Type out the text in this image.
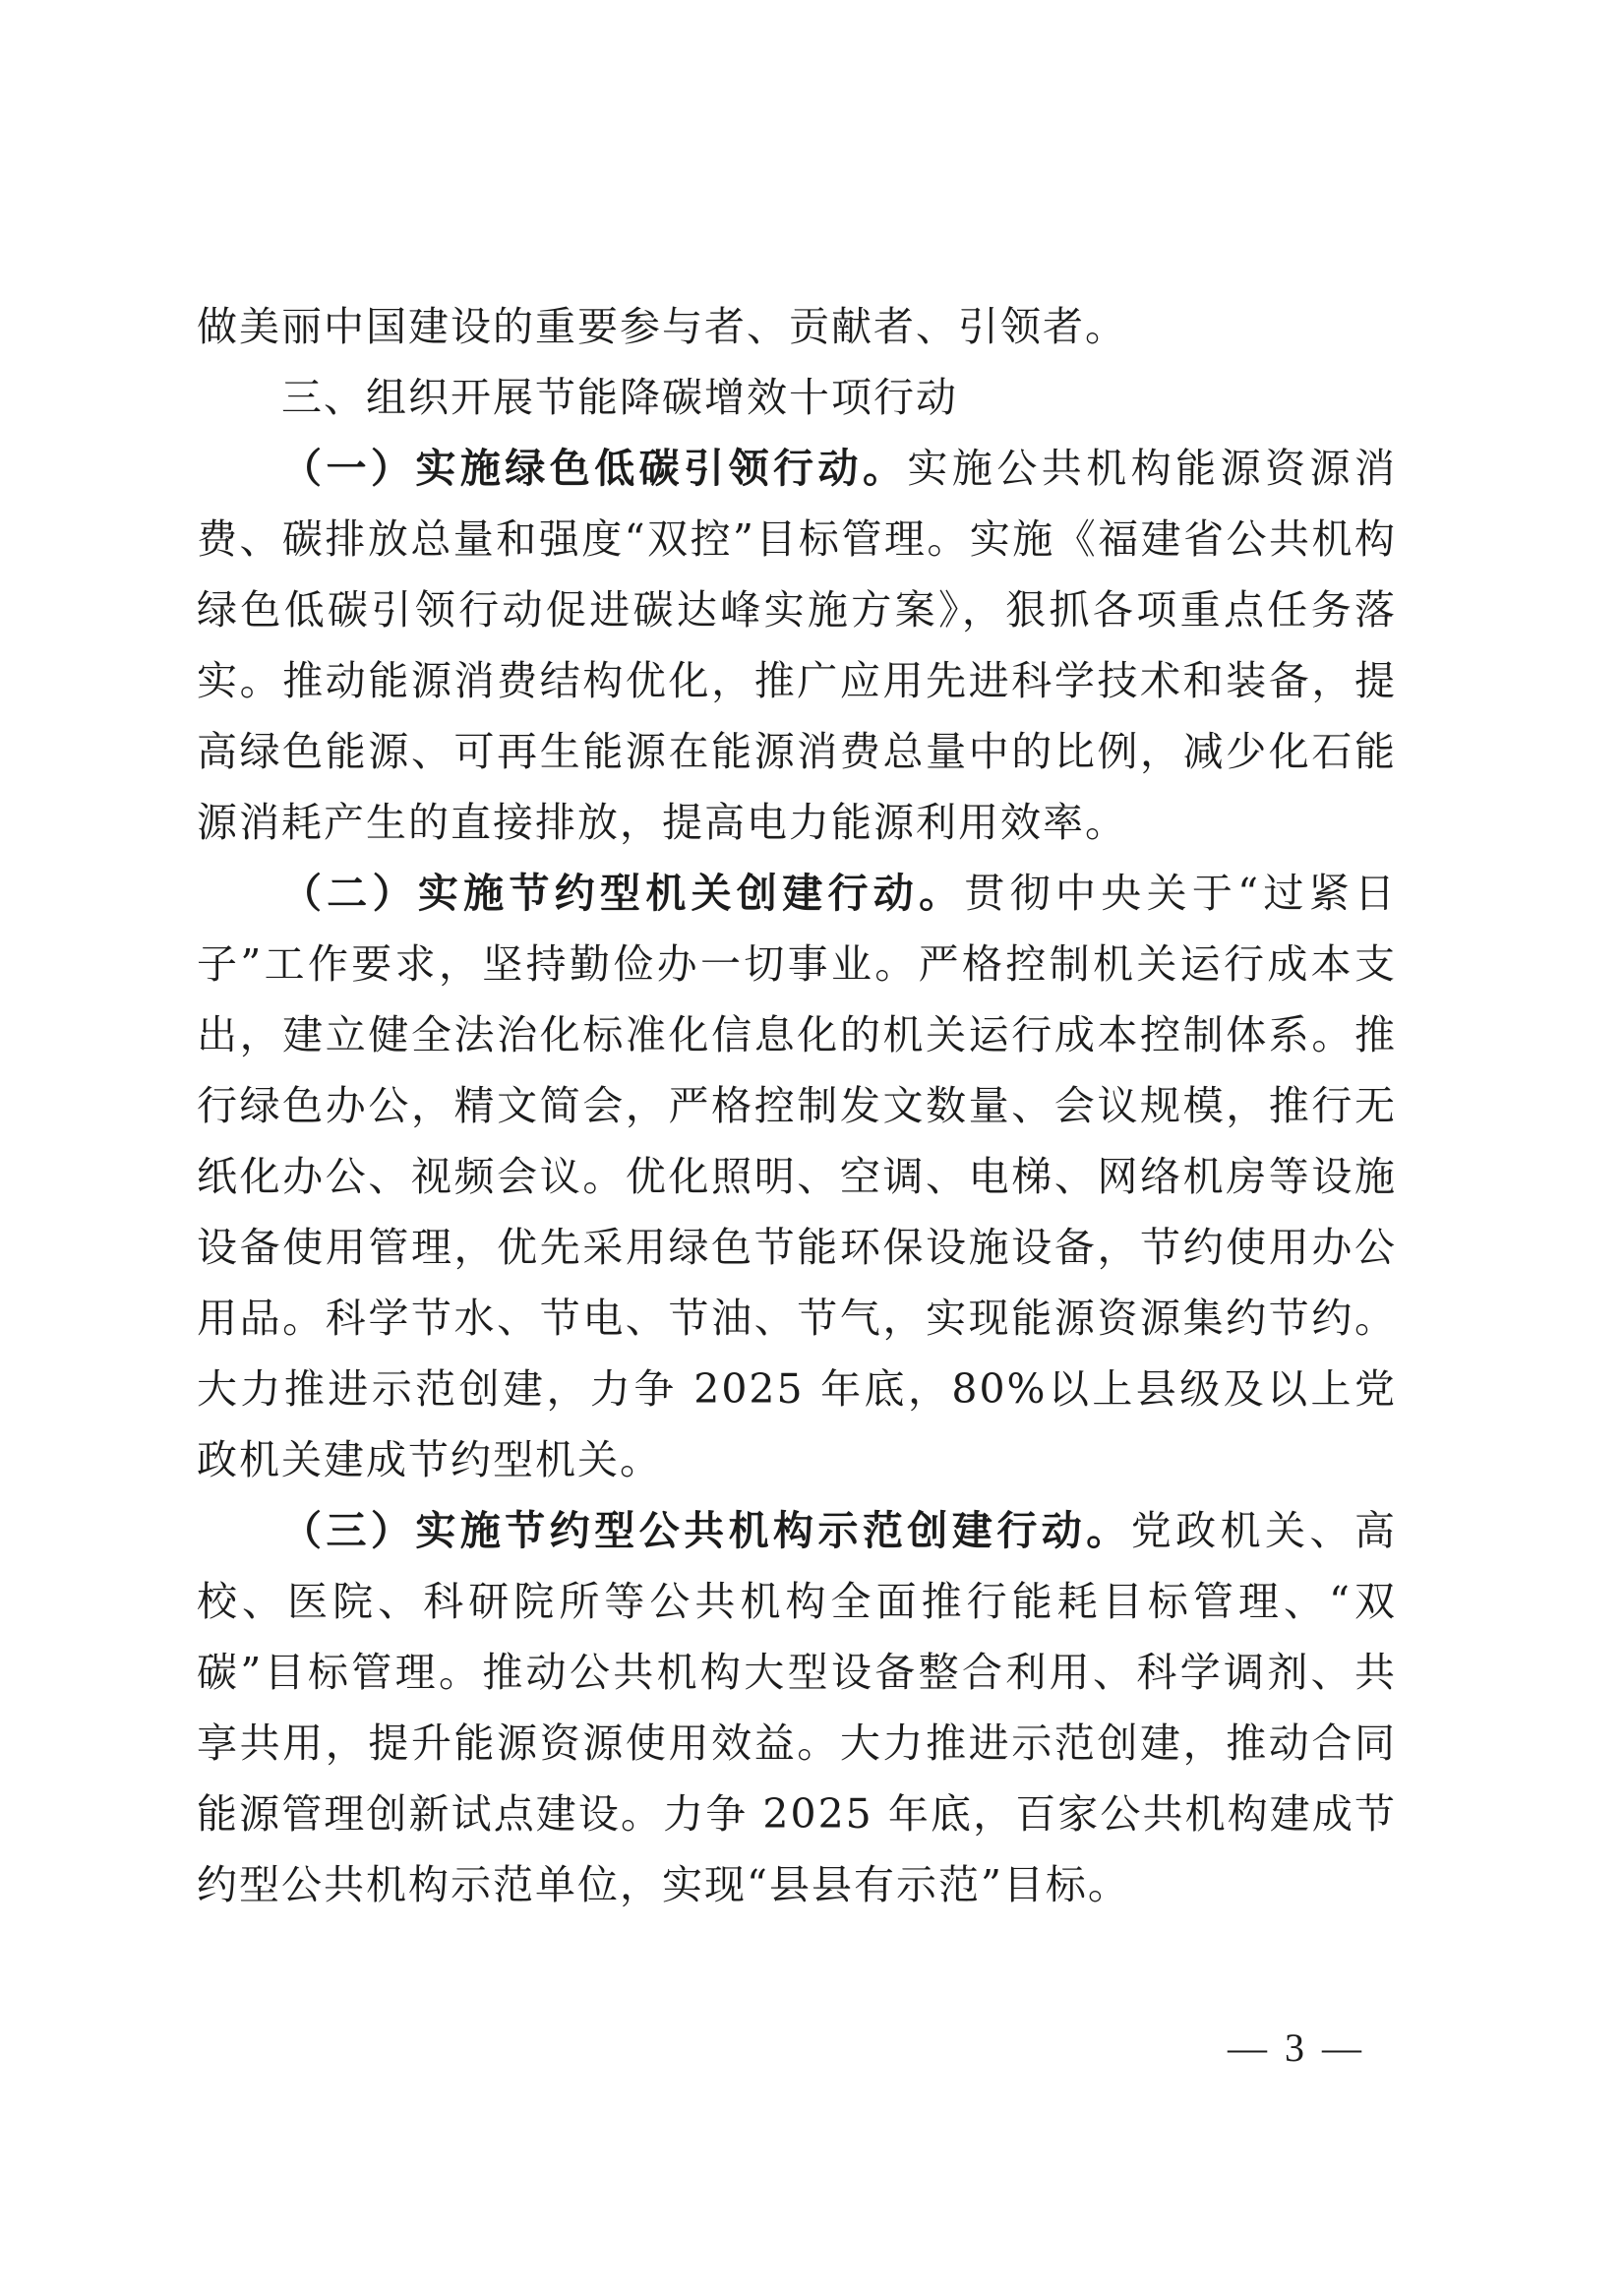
做美丽中国建设的重要参与者、贡献者、引领者。

三、组织开展节能降碳增效十项行动

（一）实施绿色低碳引领行动。实施公共机构能源资源消费、碳排放总量和强度“双控”目标管理。实施《福建省公共机构绿色低碳引领行动促进碳达峰实施方案》，狠抓各项重点任务落实。推动能源消费结构优化，推广应用先进科学技术和装备，提高绿色能源、可再生能源在能源消费总量中的比例，减少化石能源消耗产生的直接排放，提高电力能源利用效率。

（二）实施节约型机关创建行动。贯彻中央关于“过紧日子”工作要求，坚持勤俭办一切事业。严格控制机关运行成本支出，建立健全法治化标准化信息化的机关运行成本控制体系。推行绿色办公，精文简会，严格控制发文数量、会议规模，推行无纸化办公、视频会议。优化照明、空调、电梯、网络机房等设施设备使用管理，优先采用绿色节能环保设施设备，节约使用办公用品。科学节水、节电、节油、节气，实现能源资源集约节约。大力推进示范创建，力争 2025 年底，80%以上县级及以上党政机关建成节约型机关。

（三）实施节约型公共机构示范创建行动。党政机关、高校、医院、科研院所等公共机构全面推行能耗目标管理、“双碳”目标管理。推动公共机构大型设备整合利用、科学调剂、共享共用，提升能源资源使用效益。大力推进示范创建，推动合同能源管理创新试点建设。力争 2025 年底，百家公共机构建成节约型公共机构示范单位，实现“县县有示范”目标。

— 3 —
